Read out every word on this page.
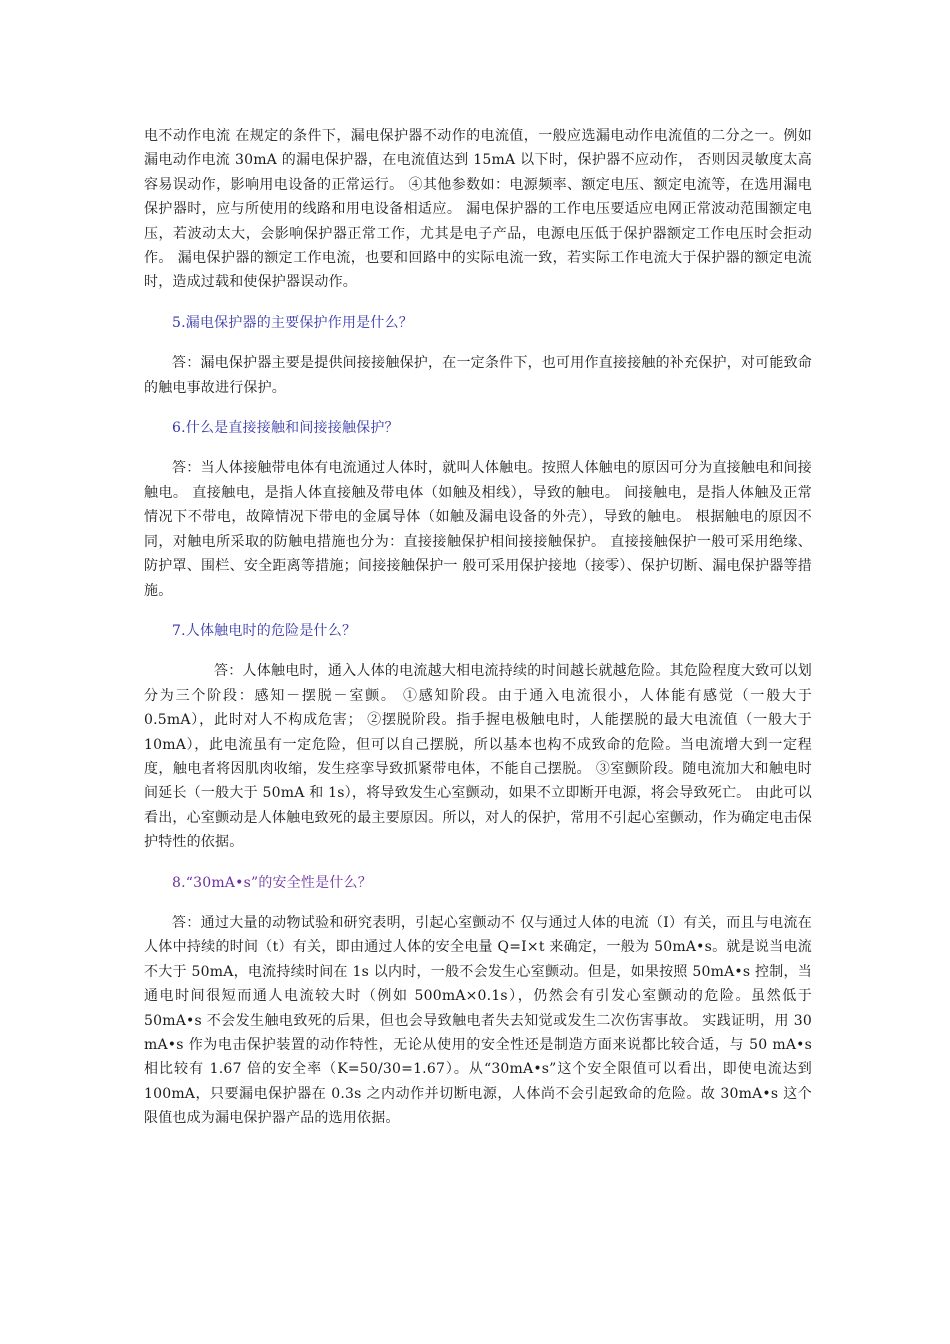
电不动作电流 在规定的条件下，漏电保护器不动作的电流值，一般应选漏电动作电流值的二分之一。例如漏电动作电流 30mA 的漏电保护器，在电流值达到 15mA 以下时，保护器不应动作， 否则因灵敏度太高容易误动作，影响用电设备的正常运行。 ④其他参数如：电源频率、额定电压、额定电流等，在选用漏电保护器时，应与所使用的线路和用电设备相适应。 漏电保护器的工作电压要适应电网正常波动范围额定电压，若波动太大，会影响保护器正常工作，尤其是电子产品，电源电压低于保护器额定工作电压时会拒动作。 漏电保护器的额定工作电流，也要和回路中的实际电流一致，若实际工作电流大于保护器的额定电流时，造成过载和使保护器误动作。

5.漏电保护器的主要保护作用是什么？

答：漏电保护器主要是提供间接接触保护，在一定条件下，也可用作直接接触的补充保护，对可能致命的触电事故进行保护。

6.什么是直接接触和间接接触保护？

答：当人体接触带电体有电流通过人体时，就叫人体触电。按照人体触电的原因可分为直接触电和间接触电。 直接触电，是指人体直接触及带电体（如触及相线），导致的触电。 间接触电，是指人体触及正常情况下不带电，故障情况下带电的金属导体（如触及漏电设备的外壳），导致的触电。 根据触电的原因不同，对触电所采取的防触电措施也分为：直接接触保护相间接接触保护。 直接接触保护一般可采用绝缘、防护罩、围栏、安全距离等措施；间接接触保护一 般可采用保护接地（接零）、保护切断、漏电保护器等措施。

7.人体触电时的危险是什么？

答：人体触电时，通入人体的电流越大相电流持续的时间越长就越危险。其危险程度大致可以划分为三个阶段：感知－摆脱－室颤。 ①感知阶段。由于通入电流很小，人体能有感觉（一般大于 0.5mA），此时对人不构成危害； ②摆脱阶段。指手握电极触电时，人能摆脱的最大电流值（一般大于 10mA），此电流虽有一定危险，但可以自己摆脱，所以基本也构不成致命的危险。当电流增大到一定程度，触电者将因肌肉收缩，发生痉挛导致抓紧带电体，不能自己摆脱。 ③室颤阶段。随电流加大和触电时间延长（一般大于 50mA 和 1s），将导致发生心室颤动，如果不立即断开电源，将会导致死亡。 由此可以看出，心室颤动是人体触电致死的最主要原因。所以，对人的保护，常用不引起心室颤动，作为确定电击保护特性的依据。

8.“30mA•s”的安全性是什么？

答：通过大量的动物试验和研究表明，引起心室颤动不 仅与通过人体的电流（I）有关，而且与电流在人体中持续的时间（t）有关，即由通过人体的安全电量 Q=I×t 来确定，一般为 50mA•s。就是说当电流不大于 50mA，电流持续时间在 1s 以内时，一般不会发生心室颤动。但是，如果按照 50mA•s 控制，当通电时间很短而通人电流较大时（例如 500mA×0.1s），仍然会有引发心室颤动的危险。虽然低于 50mA•s 不会发生触电致死的后果，但也会导致触电者失去知觉或发生二次伤害事故。 实践证明，用 30 mA•s 作为电击保护装置的动作特性，无论从使用的安全性还是制造方面来说都比较合适，与 50 mA•s 相比较有 1.67 倍的安全率（K=50/30=1.67）。从“30mA•s”这个安全限值可以看出，即使电流达到 100mA，只要漏电保护器在 0.3s 之内动作并切断电源，人体尚不会引起致命的危险。故 30mA•s 这个限值也成为漏电保护器产品的选用依据。
